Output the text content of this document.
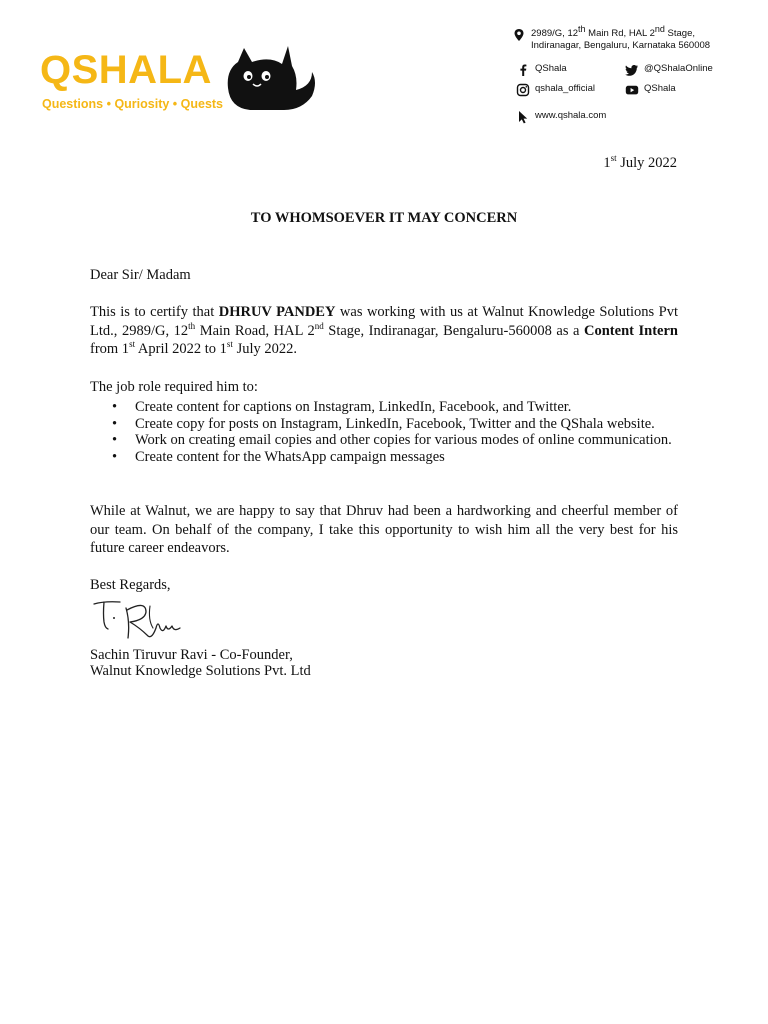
QSHALA
Questions • Quriosity • Quests
2989/G, 12th Main Rd, HAL 2nd Stage,
Indiranagar, Bengaluru, Karnataka 560008
QShala	@QShalaOnline
qshala_official	QShala
www.qshala.com
1st July 2022
TO WHOMSOEVER IT MAY CONCERN
Dear Sir/ Madam
This is to certify that DHRUV PANDEY was working with us at Walnut Knowledge Solutions Pvt Ltd., 2989/G, 12th Main Road, HAL 2nd Stage, Indiranagar, Bengaluru-560008 as a Content Intern from 1st April 2022 to 1st July 2022.
The job role required him to:
• Create content for captions on Instagram, LinkedIn, Facebook, and Twitter.
• Create copy for posts on Instagram, LinkedIn, Facebook, Twitter and the QShala website.
• Work on creating email copies and other copies for various modes of online communication.
• Create content for the WhatsApp campaign messages
While at Walnut, we are happy to say that Dhruv had been a hardworking and cheerful member of our team. On behalf of the company, I take this opportunity to wish him all the very best for his future career endeavors.
Best Regards,
Sachin Tiruvur Ravi - Co-Founder,
Walnut Knowledge Solutions Pvt. Ltd
